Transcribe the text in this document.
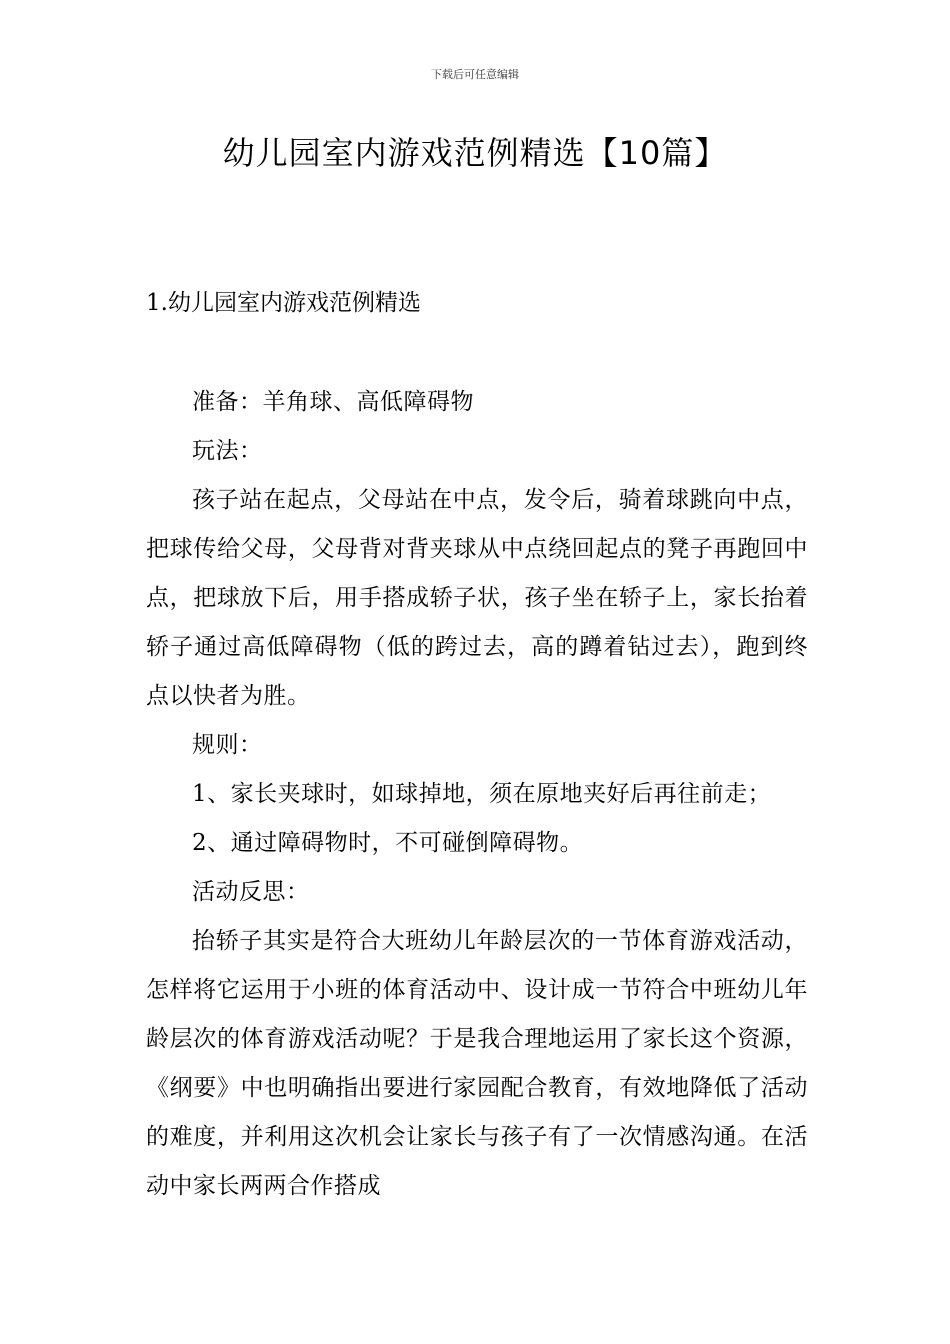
下载后可任意编辑
幼儿园室内游戏范例精选【10篇】
1.幼儿园室内游戏范例精选

准备：羊角球、高低障碍物

玩法：

孩子站在起点，父母站在中点，发令后，骑着球跳向中点，把球传给父母，父母背对背夹球从中点绕回起点的凳子再跑回中点，把球放下后，用手搭成轿子状，孩子坐在轿子上，家长抬着轿子通过高低障碍物（低的跨过去，高的蹲着钻过去），跑到终点以快者为胜。

规则：

1、家长夹球时，如球掉地，须在原地夹好后再往前走；

2、通过障碍物时，不可碰倒障碍物。

活动反思：

抬轿子其实是符合大班幼儿年龄层次的一节体育游戏活动，怎样将它运用于小班的体育活动中、设计成一节符合中班幼儿年龄层次的体育游戏活动呢？于是我合理地运用了家长这个资源，《纲要》中也明确指出要进行家园配合教育，有效地降低了活动的难度，并利用这次机会让家长与孩子有了一次情感沟通。在活动中家长两两合作搭成
